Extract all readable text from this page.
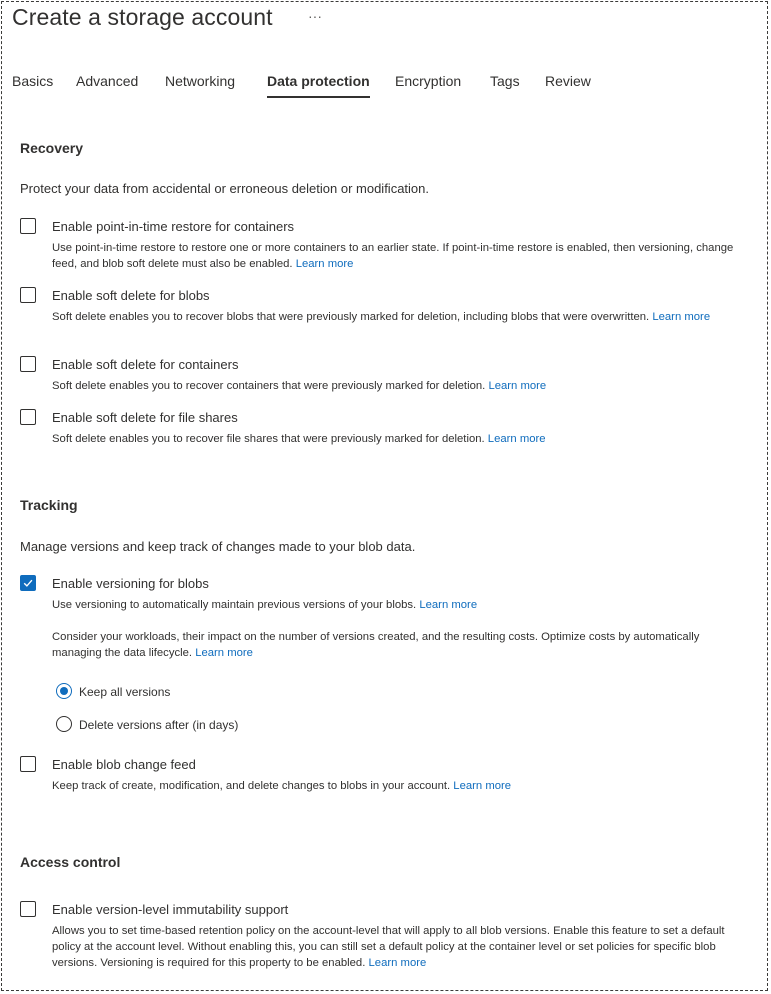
Create a storage account	···
Basics Advanced Networking Data protection Encryption Tags Review
Recovery
Protect your data from accidental or erroneous deletion or modification.
Enable point-in-time restore for containers
Use point-in-time restore to restore one or more containers to an earlier state. If point-in-time restore is enabled, then versioning, change feed, and blob soft delete must also be enabled. Learn more
Enable soft delete for blobs
Soft delete enables you to recover blobs that were previously marked for deletion, including blobs that were overwritten. Learn more
Enable soft delete for containers
Soft delete enables you to recover containers that were previously marked for deletion. Learn more
Enable soft delete for file shares
Soft delete enables you to recover file shares that were previously marked for deletion. Learn more
Tracking
Manage versions and keep track of changes made to your blob data.
Enable versioning for blobs
Use versioning to automatically maintain previous versions of your blobs. Learn more
Consider your workloads, their impact on the number of versions created, and the resulting costs. Optimize costs by automatically managing the data lifecycle. Learn more
Keep all versions
Delete versions after (in days)
Enable blob change feed
Keep track of create, modification, and delete changes to blobs in your account. Learn more
Access control
Enable version-level immutability support
Allows you to set time-based retention policy on the account-level that will apply to all blob versions. Enable this feature to set a default policy at the account level. Without enabling this, you can still set a default policy at the container level or set policies for specific blob versions. Versioning is required for this property to be enabled. Learn more
